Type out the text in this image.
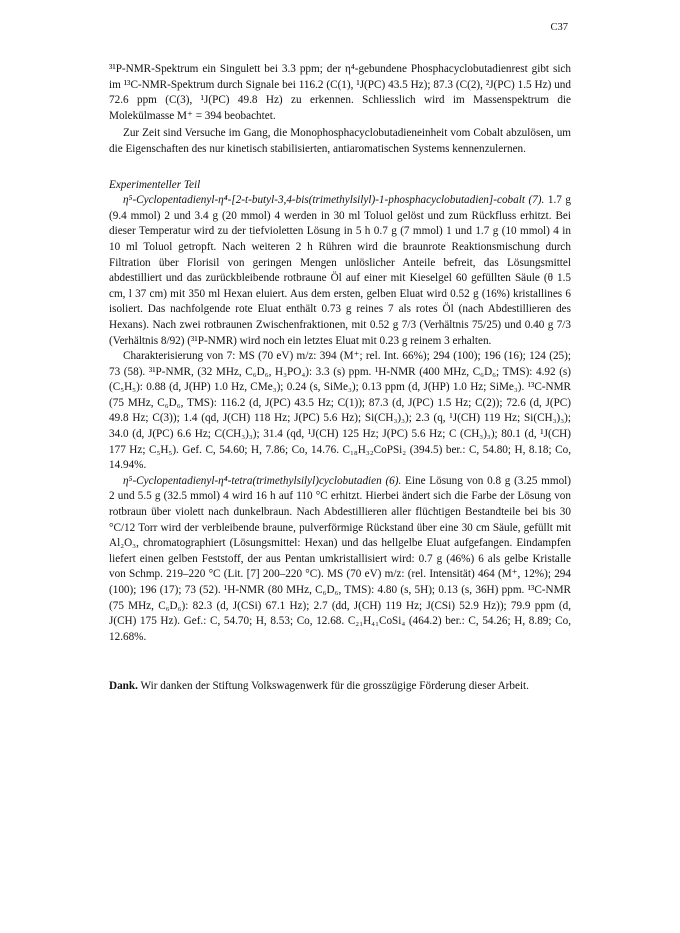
C37

³¹P-NMR-Spektrum ein Singulett bei 3.3 ppm; der η⁴-gebundene Phosphacyclobutadienrest gibt sich im ¹³C-NMR-Spektrum durch Signale bei 116.2 (C(1), ¹J(PC) 43.5 Hz); 87.3 (C(2), ²J(PC) 1.5 Hz) und 72.6 ppm (C(3), ¹J(PC) 49.8 Hz) zu erkennen. Schliesslich wird im Massenspektrum die Molekülmasse M⁺ = 394 beobachtet.

Zur Zeit sind Versuche im Gang, die Monophosphacyclobutadieneinheit vom Cobalt abzulösen, um die Eigenschaften des nur kinetisch stabilisierten, antiaromatischen Systems kennenzulernen.

Experimenteller Teil

η⁵-Cyclopentadienyl-η⁴-[2-t-butyl-3,4-bis(trimethylsilyl)-1-phosphacyclobutadien]-cobalt (7). 1.7 g (9.4 mmol) 2 und 3.4 g (20 mmol) 4 werden in 30 ml Toluol gelöst und zum Rückfluss erhitzt. Bei dieser Temperatur wird zu der tiefvioletten Lösung in 5 h 0.7 g (7 mmol) 1 und 1.7 g (10 mmol) 4 in 10 ml Toluol getropft. Nach weiteren 2 h Rühren wird die braunrote Reaktionsmischung durch Filtration über Florisil von geringen Mengen unlöslicher Anteile befreit, das Lösungsmittel abdestilliert und das zurückbleibende rotbraune Öl auf einer mit Kieselgel 60 gefüllten Säule (θ 1.5 cm, l 37 cm) mit 350 ml Hexan eluiert. Aus dem ersten, gelben Eluat wird 0.52 g (16%) kristallines 6 isoliert. Das nachfolgende rote Eluat enthält 0.73 g reines 7 als rotes Öl (nach Abdestillieren des Hexans). Nach zwei rotbraunen Zwischenfraktionen, mit 0.52 g 7/3 (Verhältnis 75/25) und 0.40 g 7/3 (Verhältnis 8/92) (³¹P-NMR) wird noch ein letztes Eluat mit 0.23 g reinem 3 erhalten.

Charakterisierung von 7: MS (70 eV) m/z: 394 (M⁺; rel. Int. 66%); 294 (100); 196 (16); 124 (25); 73 (58). ³¹P-NMR, (32 MHz, C₆D₆, H₃PO₄): 3.3 (s) ppm. ¹H-NMR (400 MHz, C₆D₆; TMS): 4.92 (s) (C₅H₅): 0.88 (d, J(HP) 1.0 Hz, CMe₃); 0.24 (s, SiMe₃); 0.13 ppm (d, J(HP) 1.0 Hz; SiMe₃). ¹³C-NMR (75 MHz, C₆D₆, TMS): 116.2 (d, J(PC) 43.5 Hz; C(1)); 87.3 (d, J(PC) 1.5 Hz; C(2)); 72.6 (d, J(PC) 49.8 Hz; C(3)); 1.4 (qd, J(CH) 118 Hz; J(PC) 5.6 Hz); Si(CH₃)₃); 2.3 (q, ¹J(CH) 119 Hz; Si(CH₃)₃); 34.0 (d, J(PC) 6.6 Hz; C(CH₃)₃); 31.4 (qd, ¹J(CH) 125 Hz; J(PC) 5.6 Hz; C (CH₃)₃); 80.1 (d, ¹J(CH) 177 Hz; C₅H₅). Gef. C, 54.60; H, 7.86; Co, 14.76. C₁₈H₃₂CoPSi₂ (394.5) ber.: C, 54.80; H, 8.18; Co, 14.94%.

η⁵-Cyclopentadienyl-η⁴-tetra(trimethylsilyl)cyclobutadien (6). Eine Lösung von 0.8 g (3.25 mmol) 2 und 5.5 g (32.5 mmol) 4 wird 16 h auf 110 °C erhitzt. Hierbei ändert sich die Farbe der Lösung von rotbraun über violett nach dunkelbraun. Nach Abdestillieren aller flüchtigen Bestandteile bei bis 30 °C/12 Torr wird der verbleibende braune, pulverförmige Rückstand über eine 30 cm Säule, gefüllt mit Al₂O₃, chromatographiert (Lösungsmittel: Hexan) und das hellgelbe Eluat aufgefangen. Eindampfen liefert einen gelben Feststoff, der aus Pentan umkristallisiert wird: 0.7 g (46%) 6 als gelbe Kristalle von Schmp. 219–220 °C (Lit. [7] 200–220 °C). MS (70 eV) m/z: (rel. Intensität) 464 (M⁺, 12%); 294 (100); 196 (17); 73 (52). ¹H-NMR (80 MHz, C₆D₆, TMS): 4.80 (s, 5H); 0.13 (s, 36H) ppm. ¹³C-NMR (75 MHz, C₆D₆): 82.3 (d, J(CSi) 67.1 Hz); 2.7 (dd, J(CH) 119 Hz; J(CSi) 52.9 Hz)); 79.9 ppm (d, J(CH) 175 Hz). Gef.: C, 54.70; H, 8.53; Co, 12.68. C₂₁H₄₁CoSi₄ (464.2) ber.: C, 54.26; H, 8.89; Co, 12.68%.

Dank. Wir danken der Stiftung Volkswagenwerk für die grosszügige Förderung dieser Arbeit.
